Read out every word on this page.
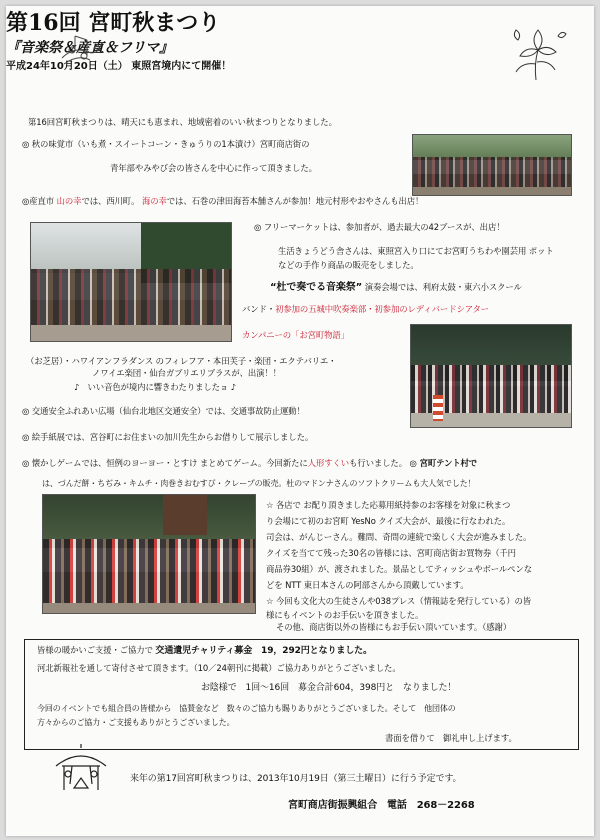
第16回 宮町秋まつり
『音楽祭＆産直＆フリマ』
平成24年10月20日（土） 東照宮境内にて開催！
第16回宮町秋まつりは、晴天にも恵まれ、地域密着のいい秋まつりとなりました。
◎ 秋の味覚市（いも煮・スイートコーン・きゅうりの1本漬け）宮町商店街の
青年部やみやび会の皆さんを中心に作って頂きました。
◎産直市 山の幸では、西川町。 海の幸では、石巻の津田海苔本舗さんが参加！地元村形やおやさんも出店！
◎ フリーマーケットは、参加者が、過去最大の42ブースが、出店！
生活きょうどう舎さんは、東照宮入り口にてお宮町うちわや園芸用 ポット
などの手作り商品の販売をしました。
“杜で奏でる音楽祭” 演奏会場では、利府太鼓・東六小スクール
バンド・初参加の五城中吹奏楽部・初参加のレディバードシアター
カンパニーの「お宮町物語」
（お芝居）・ハワイアンフラダンス のフィレフア・本田芙子・楽団・エクテバリエ・
ノワイエ楽団・仙台ガブリエリブラスが、出演！！
♪　いい音色が境内に響きわたりましたョ ♪
◎ 交通安全ふれあい広場（仙台北地区交通安全）では、交通事故防止運動！
◎ 絵手紙展では、宮谷町にお住まいの加川先生からお借りして展示しました。
◎ 懐かしゲームでは、恒例のヨーヨー・とすけ まとめてゲーム。今回新たに人形すくいも行いました。 ◎ 宮町テント村で
は、づんだ餅・ちぢみ・キムチ・肉巻きおむすび・クレープの販売。杜のマドンナさんのソフトクリームも大人気でした！
☆ 各店で お配り頂きました応募用紙持参のお客様を対象に秋まつ
り会場にて初のお宮町 YesNo クイズ大会が、最後に行なわれた。
司会は、がんじーさん。難問、奇問の連続で楽しく大会が進みました。
クイズを当てて残った30名の皆様には、宮町商店街お買物券（千円
商品券30組）が、渡されました。景品としてティッシュやボールペンな
どを NTT 東日本さんの阿部さんから頂戴しています。
☆ 今回も文化大の生徒さんや038プレス（情報誌を発行している）の皆
様にもイベントのお手伝いを頂きました。
その他、商店街以外の皆様にもお手伝い頂いています。（感謝）
皆様の暖かいご支援・ご協力で 交通遺児チャリティ募金　19，292円となりました。
河北新報社を通して寄付させて頂きます。（10／24朝刊に掲載）ご協力ありがとうございました。
お陰様で　1回～16回　募金合計604，398円と　なりました！
今回のイベントでも組合員の皆様から　協賛金など　数々のご協力も賜りありがとうございました。そして　他団体の
方々からのご協力・ご支援もありがとうございました。
書面を借りて　御礼申し上げます。
来年の第17回宮町秋まつりは、2013年10月19日（第三土曜日）に行う予定です。
宮町商店街振興組合　電話　268－2268
